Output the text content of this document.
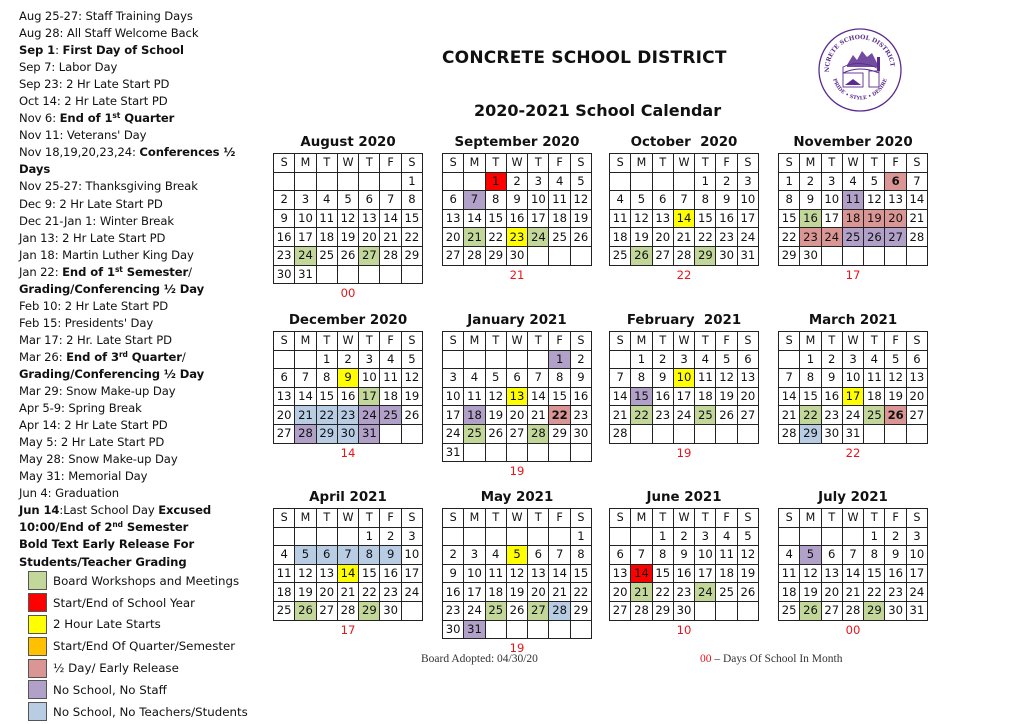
Aug 25-27: Staff Training Days
Aug 28: All Staff Welcome Back
Sep 1: First Day of School
Sep 7: Labor Day
Sep 23: 2 Hr Late Start PD
Oct 14: 2 Hr Late Start PD
Nov 6: End of 1st Quarter
Nov 11: Veterans' Day
Nov 18,19,20,23,24: Conferences ½
Days
Nov 25-27: Thanksgiving Break
Dec 9: 2 Hr Late Start PD
Dec 21-Jan 1: Winter Break
Jan 13: 2 Hr Late Start PD
Jan 18: Martin Luther King Day
Jan 22: End of 1st Semester/
Grading/Conferencing ½ Day
Feb 10: 2 Hr Late Start PD
Feb 15: Presidents' Day
Mar 17: 2 Hr. Late Start PD
Mar 26: End of 3rd Quarter/
Grading/Conferencing ½ Day
Mar 29: Snow Make-up Day
Apr 5-9: Spring Break
Apr 14: 2 Hr Late Start PD
May 5: 2 Hr Late Start PD
May 28: Snow Make-up Day
May 31: Memorial Day
Jun 4: Graduation
Jun 14:Last School Day Excused
10:00/End of 2nd Semester
Bold Text Early Release For
Students/Teacher Grading
Board Workshops and Meetings
Start/End of School Year
2 Hour Late Starts
Start/End Of Quarter/Semester
½ Day/ Early Release
No School, No Staff
No School, No Teachers/Students
CONCRETE SCHOOL DISTRICT
2020-2021 School Calendar
NCRETE SCHOOL DISTRICT
PRIDE • STYLE • DESIRE
August 2020
S	M	T	W	T	F	S
						1
2	3	4	5	6	7	8
9	10	11	12	13	14	15
16	17	18	19	20	21	22
23	24	25	26	27	28	29
30	31					
00
September 2020
S	M	T	W	T	F	S
		1	2	3	4	5
6	7	8	9	10	11	12
13	14	15	16	17	18	19
20	21	22	23	24	25	26
27	28	29	30			
21
October  2020
S	M	T	W	T	F	S
				1	2	3
4	5	6	7	8	9	10
11	12	13	14	15	16	17
18	19	20	21	22	23	24
25	26	27	28	29	30	31
22
November 2020
S	M	T	W	T	F	S
1	2	3	4	5	6	7
8	9	10	11	12	13	14
15	16	17	18	19	20	21
22	23	24	25	26	27	28
29	30					
17
December 2020
S	M	T	W	T	F	S
		1	2	3	4	5
6	7	8	9	10	11	12
13	14	15	16	17	18	19
20	21	22	23	24	25	26
27	28	29	30	31		
14
January 2021
S	M	T	W	T	F	S
					1	2
3	4	5	6	7	8	9
10	11	12	13	14	15	16
17	18	19	20	21	22	23
24	25	26	27	28	29	30
31						
19
February  2021
S	M	T	W	T	F	S
	1	2	3	4	5	6
7	8	9	10	11	12	13
14	15	16	17	18	19	20
21	22	23	24	25	26	27
28						
19
March 2021
S	M	T	W	T	F	S
	1	2	3	4	5	6
7	8	9	10	11	12	13
14	15	16	17	18	19	20
21	22	23	24	25	26	27
28	29	30	31			
22
April 2021
S	M	T	W	T	F	S
				1	2	3
4	5	6	7	8	9	10
11	12	13	14	15	16	17
18	19	20	21	22	23	24
25	26	27	28	29	30	
17
May 2021
S	M	T	W	T	F	S
						1
2	3	4	5	6	7	8
9	10	11	12	13	14	15
16	17	18	19	20	21	22
23	24	25	26	27	28	29
30	31					
19
June 2021
S	M	T	W	T	F	S
		1	2	3	4	5
6	7	8	9	10	11	12
13	14	15	16	17	18	19
20	21	22	23	24	25	26
27	28	29	30			
10
July 2021
S	M	T	W	T	F	S
				1	2	3
4	5	6	7	8	9	10
11	12	13	14	15	16	17
18	19	20	21	22	23	24
25	26	27	28	29	30	31
00
Board Adopted: 04/30/20	00 – Days Of School In Month
